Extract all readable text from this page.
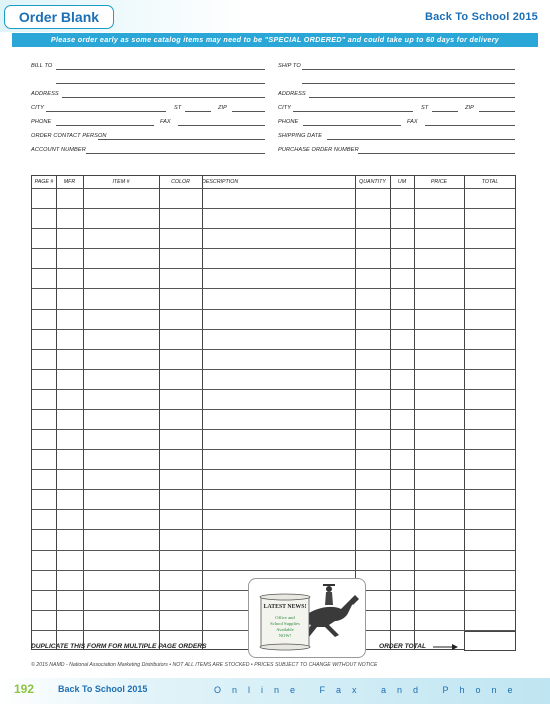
Order Blank	Back To School 2015
Please order early as some catalog items may need to be "SPECIAL ORDERED" and could take up to 60 days for delivery
BILL TO
ADDRESS
CITY	ST	ZIP
PHONE	FAX
ORDER CONTACT PERSON
ACCOUNT NUMBER
SHIP TO
ADDRESS
CITY	ST	ZIP
PHONE	FAX
SHIPPING DATE
PURCHASE ORDER NUMBER
PAGE #	MFR	ITEM #	COLOR	DESCRIPTION	QUANTITY	UM	PRICE	TOTAL
LATEST NEWS!
Office and
School Supplies
Available
NOW!
DUPLICATE THIS FORM FOR MULTIPLE PAGE ORDERS	ORDER TOTAL
© 2015 NAMD - National Association Marketing Distributors • NOT ALL ITEMS ARE STOCKED • PRICES SUBJECT TO CHANGE WITHOUT NOTICE
192	Back To School 2015	Online Fax and Phone
